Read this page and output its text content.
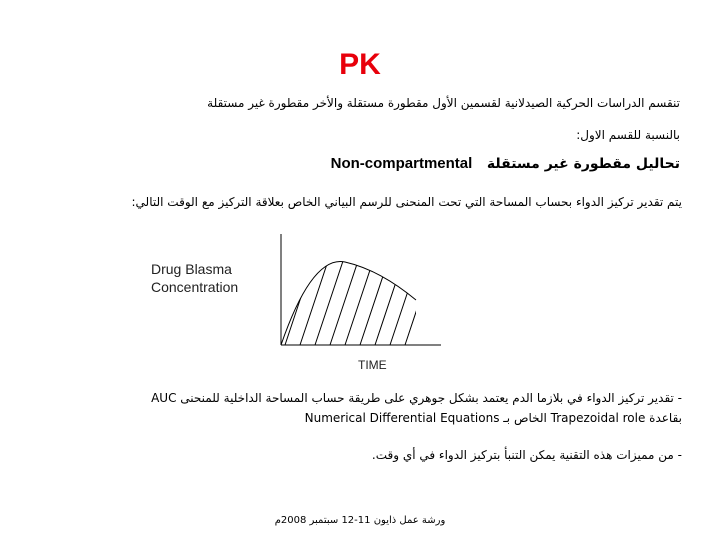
PK
تنقسم الدراسات الحركية الصيدلانية لقسمين الأول مقطورة مستقلة والأخر مقطورة غير مستقلة
بالنسبة للقسم الاول:
تحاليل مقطورة غير مستقلة   Non-compartmental
يتم تقدير تركيز الدواء بحساب المساحة التي تحت المنحنى للرسم البياني الخاص بعلاقة التركيز مع الوقت التالي:
Drug Blasma
Concentration
TIME
- تقدير تركيز الدواء في بلازما الدم يعتمد بشكل جوهري على طريقة حساب المساحة الداخلية للمنحنى AUC
بقاعدة Trapezoidal role الخاص بـ Numerical Differential Equations
- من مميزات هذه التقنية يمكن التنبأ بتركيز الدواء في أي وقت.
ورشة عمل ذايون 11-12 سبتمبر 2008م
